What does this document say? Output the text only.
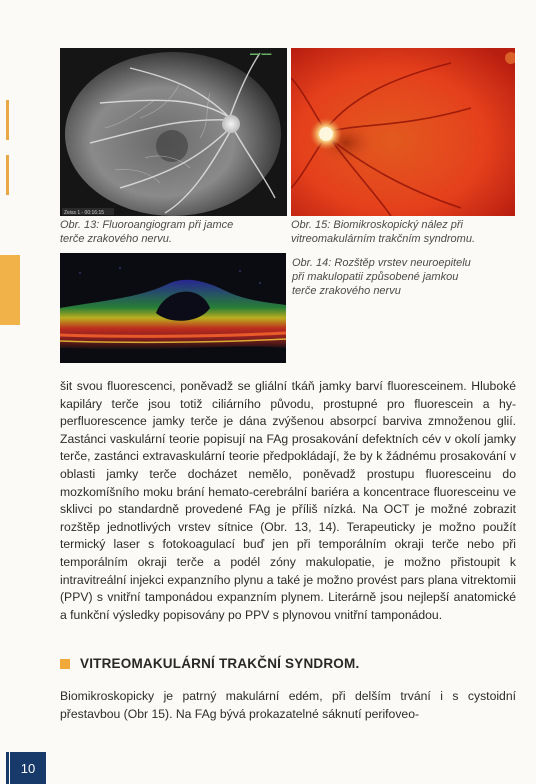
Zeiss 1 - 00:16:15
▬▬ ▬▬
Obr. 13: Fluoroangiogram při jamce
terče zrakového nervu.
Obr. 15: Biomikroskopický nález při
vitreomakulárním trakčním syndromu.
Obr. 14: Rozštěp vrstev neuroepitelu
při makulopatii způsobené jamkou
terče zrakového nervu
šit svou fluorescenci, poněvadž se gliální tkáň jamky barví fluoresceinem. Hluboké kapiláry terče jsou totiž ciliárního původu, prostupné pro fluorescein a hyperfluorescence jamky terče je dána zvýšenou absorpcí barviva zmnoženou glií. Zastánci vaskulární teorie popisují na FAg prosakování defektních cév v okolí jamky terče, zastánci extravaskulární teorie předpokládají, že by k žádnému prosakování v oblasti jamky terče docházet nemělo, poněvadž prostupu fluoresceinu do mozkomíšního moku brání hemato-cerebrální bariéra a koncentrace fluoresceinu ve sklivci po standardně provedené FAg je příliš nízká. Na OCT je možné zobrazit rozštěp jednotlivých vrstev sítnice (Obr. 13, 14). Terapeuticky je možno použít termický laser s fotokoagulací buď jen při temporálním okraji terče nebo při temporálním okraji terče a podél zóny makulopatie, je možno přistoupit k intravitreální injekci expanzního plynu a také je možno provést pars plana vitrektomii (PPV) s vnitřní tamponádou expanzním plynem. Literárně jsou nejlepší anatomické a funkční výsledky popisovány po PPV s plynovou vnitřní tamponádou.
VITREOMAKULÁRNÍ TRAKČNÍ SYNDROM.
Biomikroskopicky je patrný makulární edém, při delším trvání i s cystoidní přestavbou (Obr 15). Na FAg bývá prokazatelné sáknutí perifoveo-
10
